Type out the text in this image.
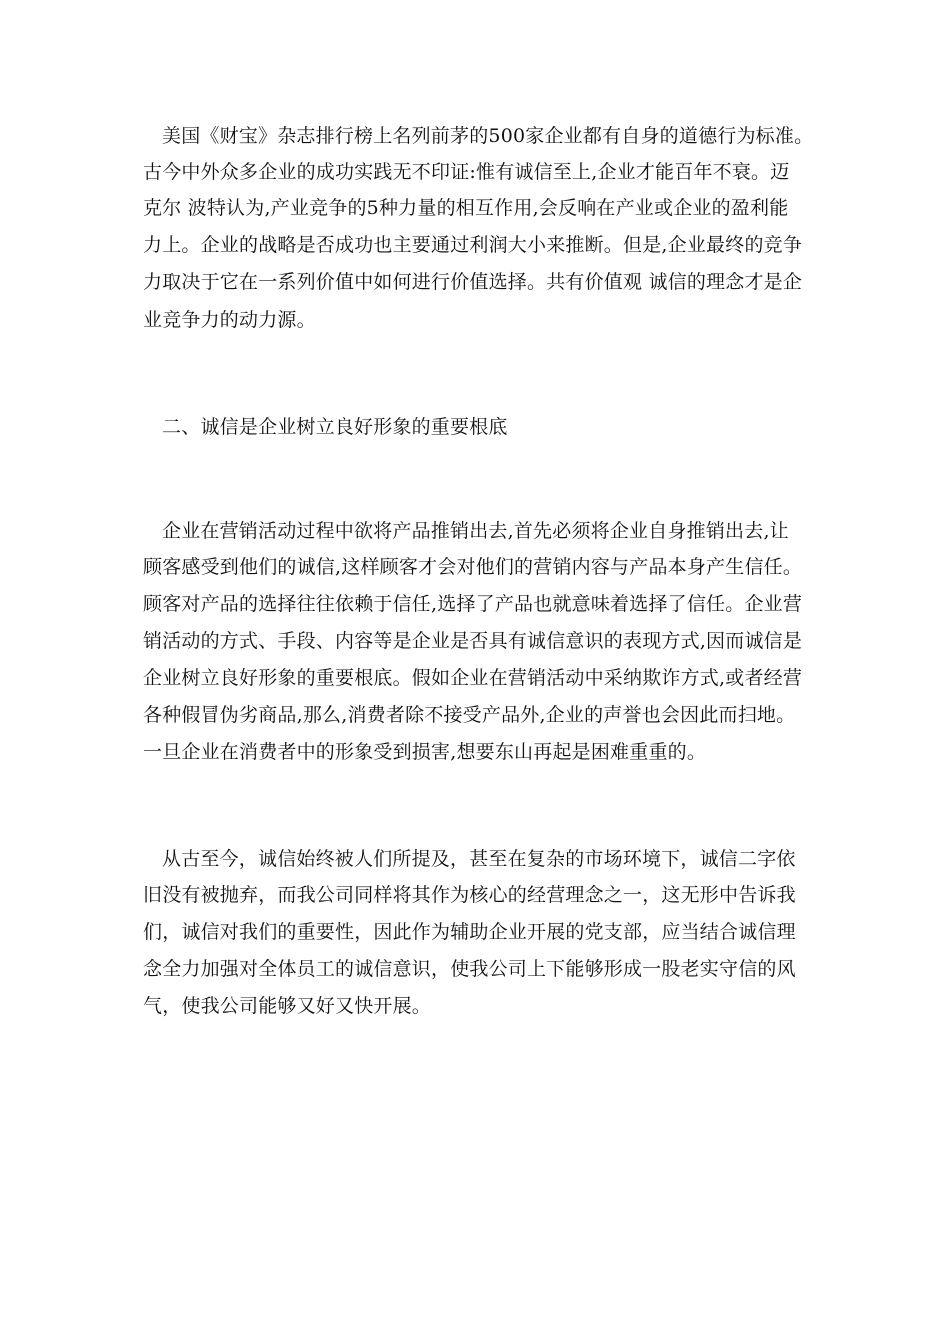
美国《财宝》杂志排行榜上名列前茅的500家企业都有自身的道德行为标准。
古今中外众多企业的成功实践无不印证:惟有诚信至上,企业才能百年不衰。迈
克尔 波特认为,产业竞争的5种力量的相互作用,会反响在产业或企业的盈利能
力上。企业的战略是否成功也主要通过利润大小来推断。但是,企业最终的竞争
力取决于它在一系列价值中如何进行价值选择。共有价值观 诚信的理念才是企
业竞争力的动力源。
二、诚信是企业树立良好形象的重要根底
企业在营销活动过程中欲将产品推销出去,首先必须将企业自身推销出去,让
顾客感受到他们的诚信,这样顾客才会对他们的营销内容与产品本身产生信任。
顾客对产品的选择往往依赖于信任,选择了产品也就意味着选择了信任。企业营
销活动的方式、手段、内容等是企业是否具有诚信意识的表现方式,因而诚信是
企业树立良好形象的重要根底。假如企业在营销活动中采纳欺诈方式,或者经营
各种假冒伪劣商品,那么,消费者除不接受产品外,企业的声誉也会因此而扫地。
一旦企业在消费者中的形象受到损害,想要东山再起是困难重重的。
从古至今，诚信始终被人们所提及，甚至在复杂的市场环境下，诚信二字依
旧没有被抛弃，而我公司同样将其作为核心的经营理念之一，这无形中告诉我
们，诚信对我们的重要性，因此作为辅助企业开展的党支部，应当结合诚信理
念全力加强对全体员工的诚信意识，使我公司上下能够形成一股老实守信的风
气，使我公司能够又好又快开展。
